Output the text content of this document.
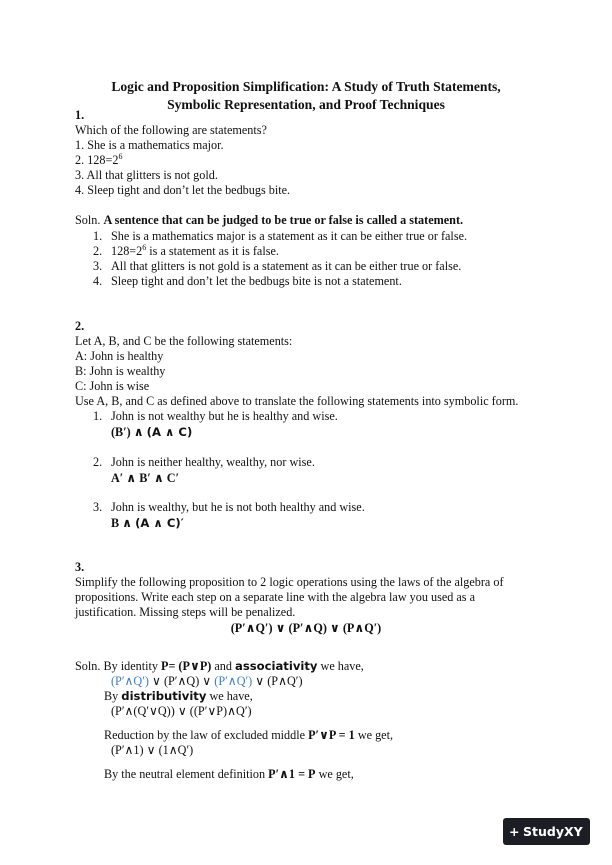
Logic and Proposition Simplification: A Study of Truth Statements,
Symbolic Representation, and Proof Techniques
1.
Which of the following are statements?
1. She is a mathematics major.
2. $128=2^6$
3. All that glitters is not gold.
4. Sleep tight and don’t let the bedbugs bite.
Soln. A sentence that can be judged to be true or false is called a statement.
1. She is a mathematics major is a statement as it can be either true or false.
2. $128=2^6$ is a statement as it is false.
3. All that glitters is not gold is a statement as it can be either true or false.
4. Sleep tight and don’t let the bedbugs bite is not a statement.
2.
Let A, B, and C be the following statements:
A: John is healthy
B: John is wealthy
C: John is wise
Use A, B, and C as defined above to translate the following statements into symbolic form.
1. John is not wealthy but he is healthy and wise.
(B′) ∧ (A ∧ C)
2. John is neither healthy, wealthy, nor wise.
A′ ∧ B′ ∧ C′
3. John is wealthy, but he is not both healthy and wise.
B ∧ (A ∧ C)′
3.
Simplify the following proposition to 2 logic operations using the laws of the algebra of
propositions. Write each step on a separate line with the algebra law you used as a
justification. Missing steps will be penalized.
(P′∧Q′) ∨ (P′∧Q) ∨ (P∧Q′)
Soln. By identity P= (P∨P) and associativity we have,
(P′∧Q′) ∨ (P′∧Q) ∨ (P′∧Q′) ∨ (P∧Q′)
By distributivity we have,
(P′∧(Q′∨Q)) ∨ ((P′∨P)∧Q′)
Reduction by the law of excluded middle P′∨P = 1 we get,
(P′∧1) ∨ (1∧Q′)
By the neutral element definition P′∧1 = P we get,
+ StudyXY
